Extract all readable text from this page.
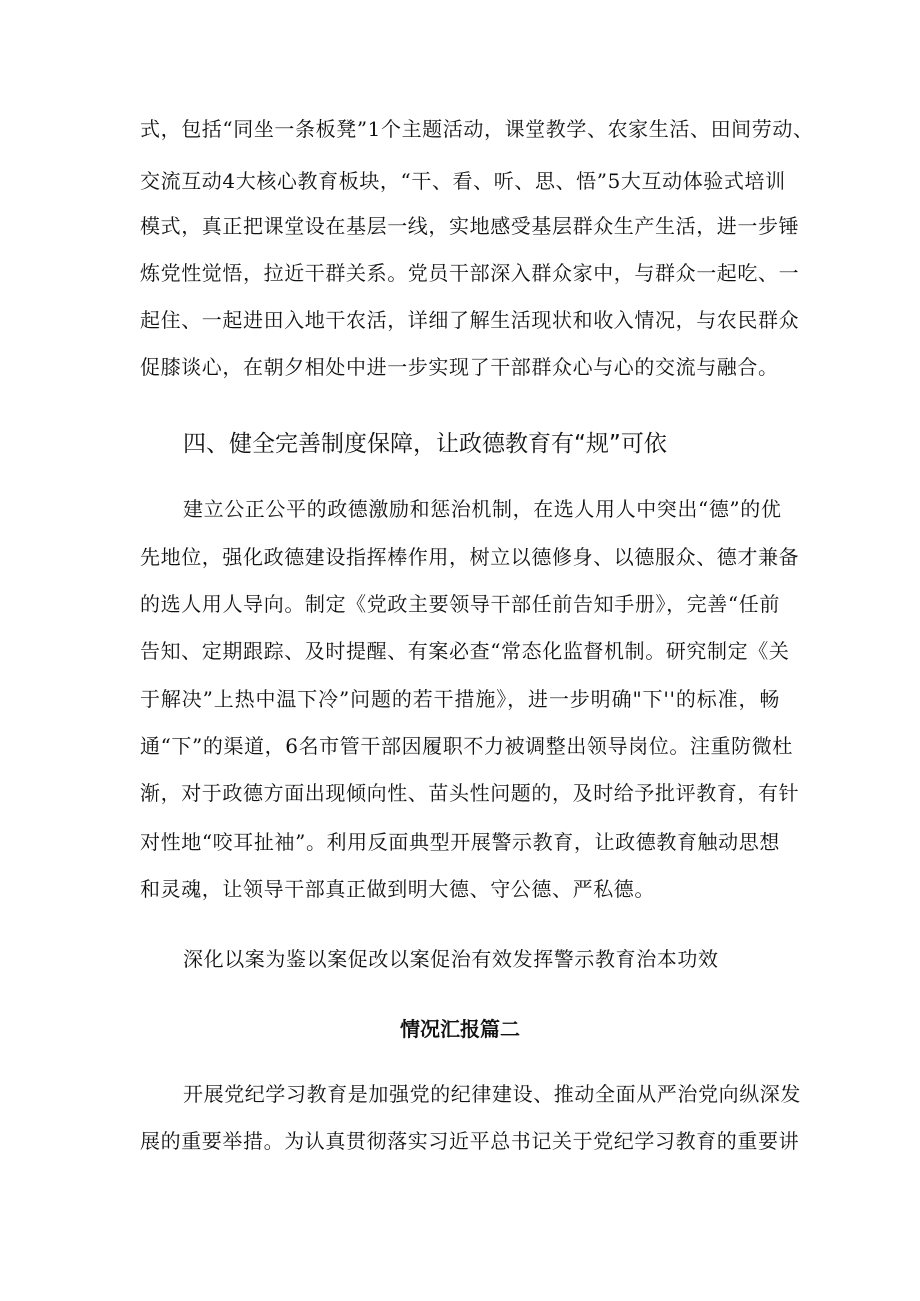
式，包括“同坐一条板凳”1个主题活动，课堂教学、农家生活、田间劳动、
交流互动4大核心教育板块，“干、看、听、思、悟”5大互动体验式培训
模式，真正把课堂设在基层一线，实地感受基层群众生产生活，进一步锤
炼党性觉悟，拉近干群关系。党员干部深入群众家中，与群众一起吃、一
起住、一起进田入地干农活，详细了解生活现状和收入情况，与农民群众
促膝谈心，在朝夕相处中进一步实现了干部群众心与心的交流与融合。
四、健全完善制度保障，让政德教育有“规”可依
建立公正公平的政德激励和惩治机制，在选人用人中突出“德”的优
先地位，强化政德建设指挥棒作用，树立以德修身、以德服众、德才兼备
的选人用人导向。制定《党政主要领导干部任前告知手册》，完善“任前
告知、定期跟踪、及时提醒、有案必查“常态化监督机制。研究制定《关
于解决”上热中温下冷”问题的若干措施》，进一步明确"下''的标准，畅
通“下”的渠道，6名市管干部因履职不力被调整出领导岗位。注重防微杜
渐，对于政德方面出现倾向性、苗头性问题的，及时给予批评教育，有针
对性地“咬耳扯袖”。利用反面典型开展警示教育，让政德教育触动思想
和灵魂，让领导干部真正做到明大德、守公德、严私德。
深化以案为鉴以案促改以案促治有效发挥警示教育治本功效
情况汇报篇二
开展党纪学习教育是加强党的纪律建设、推动全面从严治党向纵深发
展的重要举措。为认真贯彻落实习近平总书记关于党纪学习教育的重要讲
